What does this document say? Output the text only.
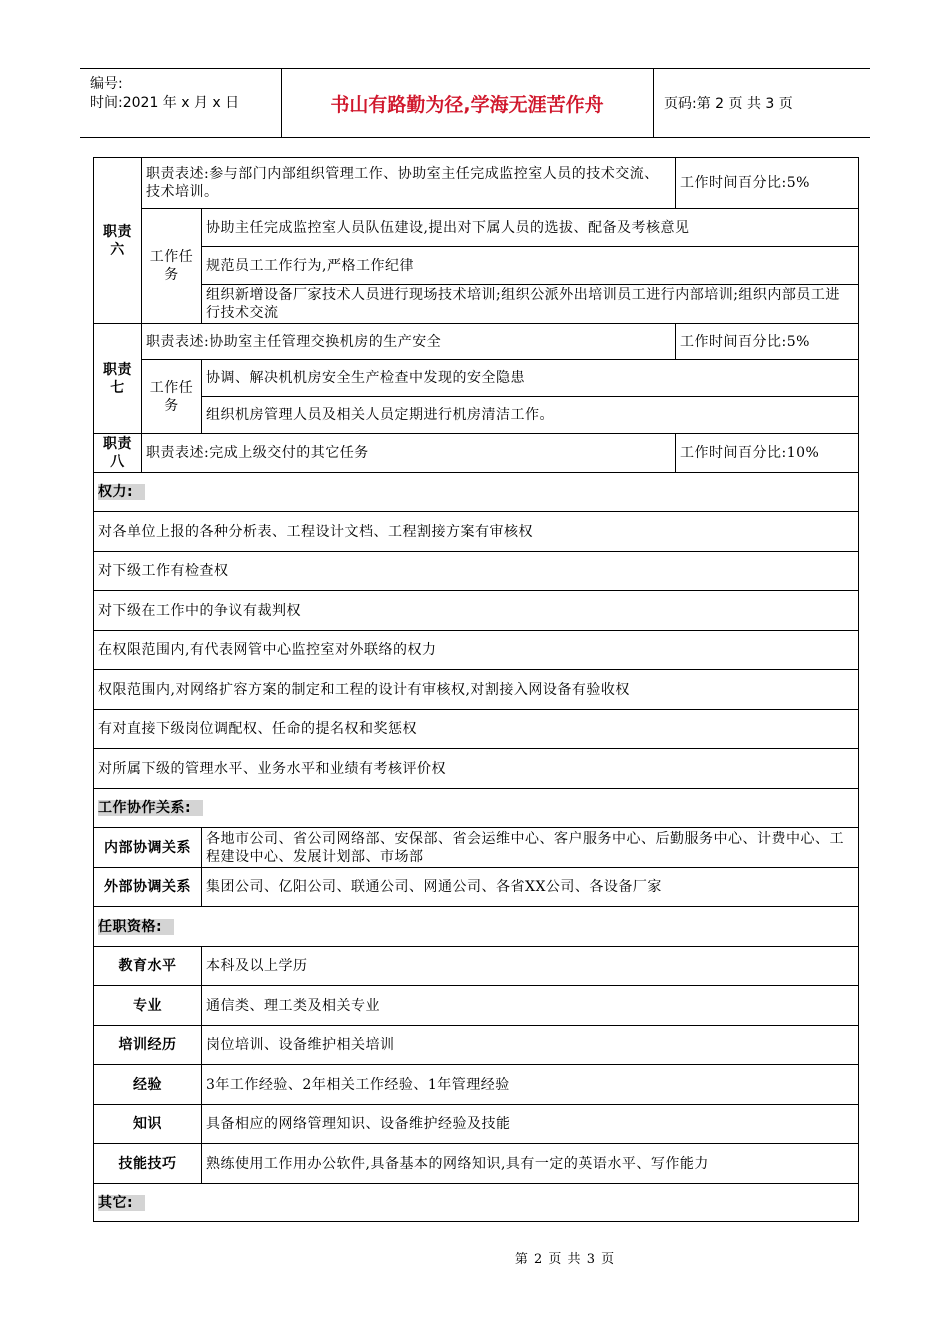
编号:
时间:2021 年 x 月 x 日	书山有路勤为径,学海无涯苦作舟	页码:第 2 页 共 3 页
职责六	职责表述:参与部门内部组织管理工作、协助室主任完成监控室人员的技术交流、技术培训。		工作时间百分比:5%
	工作任务	协助主任完成监控室人员队伍建设,提出对下属人员的选拔、配备及考核意见	
		规范员工工作行为,严格工作纪律	
		组织新增设备厂家技术人员进行现场技术培训;组织公派外出培训员工进行内部培训;组织内部员工进行技术交流	
职责七	职责表述:协助室主任管理交换机房的生产安全		工作时间百分比:5%
	工作任务	协调、解决机机房安全生产检查中发现的安全隐患	
		组织机房管理人员及相关人员定期进行机房清洁工作。	
职责八	职责表述:完成上级交付的其它任务		工作时间百分比:10%
权力:			
对各单位上报的各种分析表、工程设计文档、工程割接方案有审核权			
对下级工作有检查权			
对下级在工作中的争议有裁判权			
在权限范围内,有代表网管中心监控室对外联络的权力			
权限范围内,对网络扩容方案的制定和工程的设计有审核权,对割接入网设备有验收权			
有对直接下级岗位调配权、任命的提名权和奖惩权			
对所属下级的管理水平、业务水平和业绩有考核评价权			
工作协作关系:			
内部协调关系		各地市公司、省公司网络部、安保部、省会运维中心、客户服务中心、后勤服务中心、计费中心、工程建设中心、发展计划部、市场部	
外部协调关系		集团公司、亿阳公司、联通公司、网通公司、各省XX公司、各设备厂家	
任职资格:			
教育水平		本科及以上学历	
专业		通信类、理工类及相关专业	
培训经历		岗位培训、设备维护相关培训	
经验		3年工作经验、2年相关工作经验、1年管理经验	
知识		具备相应的网络管理知识、设备维护经验及技能	
技能技巧		熟练使用工作用办公软件,具备基本的网络知识,具有一定的英语水平、写作能力	
其它:			
第 2 页 共 3 页
